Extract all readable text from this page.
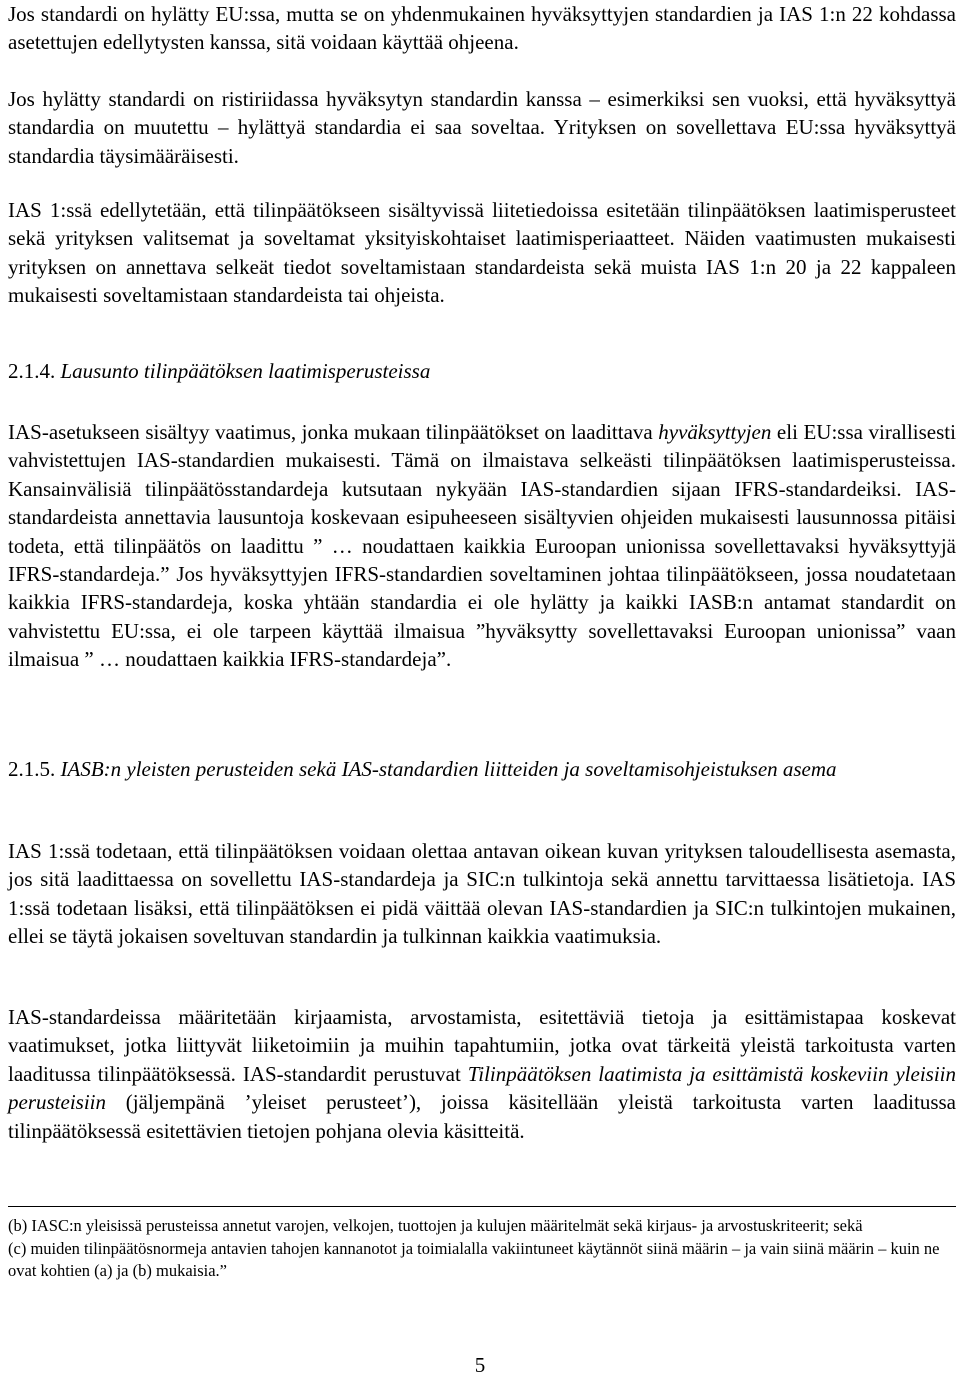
Jos standardi on hylätty EU:ssa, mutta se on yhdenmukainen hyväksyttyjen standardien ja IAS 1:n 22 kohdassa asetettujen edellytysten kanssa, sitä voidaan käyttää ohjeena.

Jos hylätty standardi on ristiriidassa hyväksytyn standardin kanssa – esimerkiksi sen vuoksi, että hyväksyttyä standardia on muutettu – hylättyä standardia ei saa soveltaa. Yrityksen on sovellettava EU:ssa hyväksyttyä standardia täysimääräisesti.

IAS 1:ssä edellytetään, että tilinpäätökseen sisältyvissä liitetiedoissa esitetään tilinpäätöksen laatimisperusteet sekä yrityksen valitsemat ja soveltamat yksityiskohtaiset laatimisperiaatteet. Näiden vaatimusten mukaisesti yrityksen on annettava selkeät tiedot soveltamistaan standardeista sekä muista IAS 1:n 20 ja 22 kappaleen mukaisesti soveltamistaan standardeista tai ohjeista.

2.1.4. Lausunto tilinpäätöksen laatimisperusteissa

IAS-asetukseen sisältyy vaatimus, jonka mukaan tilinpäätökset on laadittava hyväksyttyjen eli EU:ssa virallisesti vahvistettujen IAS-standardien mukaisesti. Tämä on ilmaistava selkeästi tilinpäätöksen laatimisperusteissa. Kansainvälisiä tilinpäätösstandardeja kutsutaan nykyään IAS-standardien sijaan IFRS-standardeiksi. IAS-standardeista annettavia lausuntoja koskevaan esipuheeseen sisältyvien ohjeiden mukaisesti lausunnossa pitäisi todeta, että tilinpäätös on laadittu ” … noudattaen kaikkia Euroopan unionissa sovellettavaksi hyväksyttyjä IFRS-standardeja.” Jos hyväksyttyjen IFRS-standardien soveltaminen johtaa tilinpäätökseen, jossa noudatetaan kaikkia IFRS-standardeja, koska yhtään standardia ei ole hylätty ja kaikki IASB:n antamat standardit on vahvistettu EU:ssa, ei ole tarpeen käyttää ilmaisua ”hyväksytty sovellettavaksi Euroopan unionissa” vaan ilmaisua ” … noudattaen kaikkia IFRS-standardeja”.

2.1.5. IASB:n yleisten perusteiden sekä IAS-standardien liitteiden ja soveltamisohjeistuksen asema

IAS 1:ssä todetaan, että tilinpäätöksen voidaan olettaa antavan oikean kuvan yrityksen taloudellisesta asemasta, jos sitä laadittaessa on sovellettu IAS-standardeja ja SIC:n tulkintoja sekä annettu tarvittaessa lisätietoja. IAS 1:ssä todetaan lisäksi, että tilinpäätöksen ei pidä väittää olevan IAS-standardien ja SIC:n tulkintojen mukainen, ellei se täytä jokaisen soveltuvan standardin ja tulkinnan kaikkia vaatimuksia.

IAS-standardeissa määritetään kirjaamista, arvostamista, esitettäviä tietoja ja esittämistapaa koskevat vaatimukset, jotka liittyvät liiketoimiin ja muihin tapahtumiin, jotka ovat tärkeitä yleistä tarkoitusta varten laaditussa tilinpäätöksessä. IAS-standardit perustuvat Tilinpäätöksen laatimista ja esittämistä koskeviin yleisiin perusteisiin (jäljempänä ’yleiset perusteet’), joissa käsitellään yleistä tarkoitusta varten laaditussa tilinpäätöksessä esitettävien tietojen pohjana olevia käsitteitä.

(b) IASC:n yleisissä perusteissa annetut varojen, velkojen, tuottojen ja kulujen määritelmät sekä kirjaus- ja arvostuskriteerit; sekä

(c) muiden tilinpäätösnormeja antavien tahojen kannanotot ja toimialalla vakiintuneet käytännöt siinä määrin – ja vain siinä määrin – kuin ne ovat kohtien (a) ja (b) mukaisia.”

5
